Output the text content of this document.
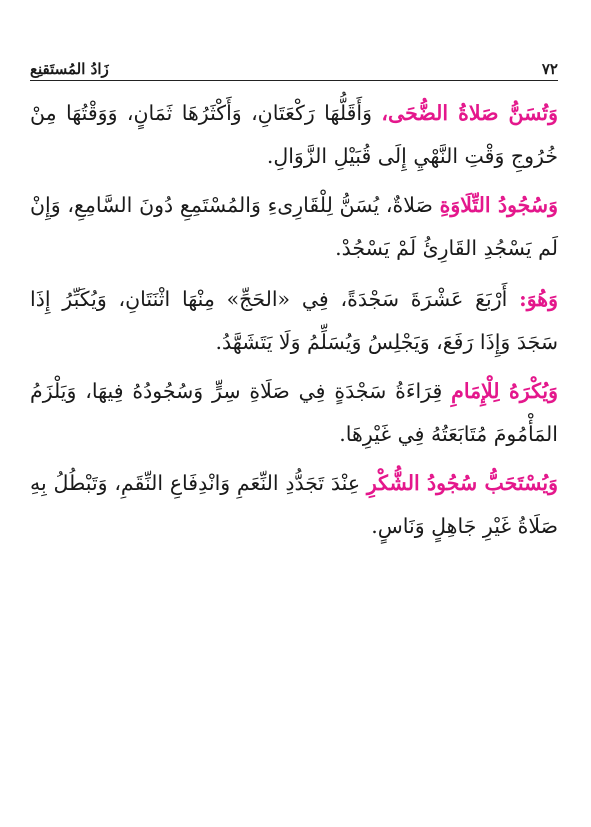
٧٢
زَادُ المُستَقنِع

وَتُسَنُّ صَلاةُ الضُّحَى، وَأَقَلُّهَا رَكْعَتَانِ، وَأَكْثَرُهَا ثَمَانٍ، وَوَقْتُهَا مِنْ خُرُوجِ وَقْتِ النَّهْيِ إِلَى قُبَيْلِ الزَّوَالِ.

وَسُجُودُ التِّلَاوَةِ صَلاةٌ، يُسَنُّ لِلْقَارِىءِ وَالمُسْتَمِعِ دُونَ السَّامِعِ، وَإِنْ لَم يَسْجُدِ القَارِئُ لَمْ يَسْجُدْ.

وَهُوَ: أَرْبَعَ عَشْرَةَ سَجْدَةً، فِي «الحَجِّ» مِنْهَا اثْنَتَانِ، وَيُكَبِّرُ إِذَا سَجَدَ وَإِذَا رَفَعَ، وَيَجْلِسُ وَيُسَلِّمُ وَلَا يَتَشَهَّدُ.

وَيُكْرَهُ لِلْإِمَامِ قِرَاءَةُ سَجْدَةٍ فِي صَلَاةِ سِرٍّ وَسُجُودُهُ فِيهَا، وَيَلْزَمُ المَأْمُومَ مُتَابَعَتُهُ فِي غَيْرِهَا.

وَيُسْتَحَبُّ سُجُودُ الشُّكْرِ عِنْدَ تَجَدُّدِ النِّعَمِ وَانْدِفَاعِ النِّقَمِ، وَتَبْطُلُ بِهِ صَلَاةُ غَيْرِ جَاهِلٍ وَنَاسٍ.
